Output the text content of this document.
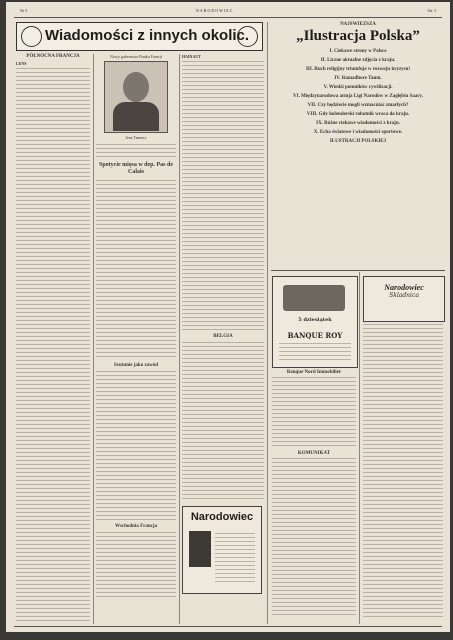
Nr 3	NARODOWIEC	Str. 3
Wiadomości z innych okolic.
PÓŁNOCNA FRANCJA
LENS
Nowy gubernator Banku Francji
Jean Tannery
Spotycie mięsa w dep. Pas de Calais
Szutunie jako zawód
Wschodnia Francja
HAINAUT
BELGIA
Narodowiec
NAJSWIEZSZA
„Ilustracja Polska”
I. Ciekawe strony w Polsce
II. Liczne aktualne zdjęcia z kraju.
III. Ruch religijny triumfuje w rozwoju kryzysu!
IV. Ramadhore Tamn.
V. Wiedzi pomników cywilizacji.
VI. Międzynarodowa armja Ligi Narodów w Zagłębiu Saary.
VII. Czy będziecie mogli wzmacniać zmarłych?
VIII. Gdy holenderski robotnik wraca do kraju.
IX. Różne ciekawe wiadomości z kraju.
X. Echa światowe i wiadomości sportowe.
ILUSTRACJI POLSKIEJ
5 dziesiątek
BANQUE ROY
Narodowiec
Skladnica
Banque Nord Immobilier
KOMUNIKAT
